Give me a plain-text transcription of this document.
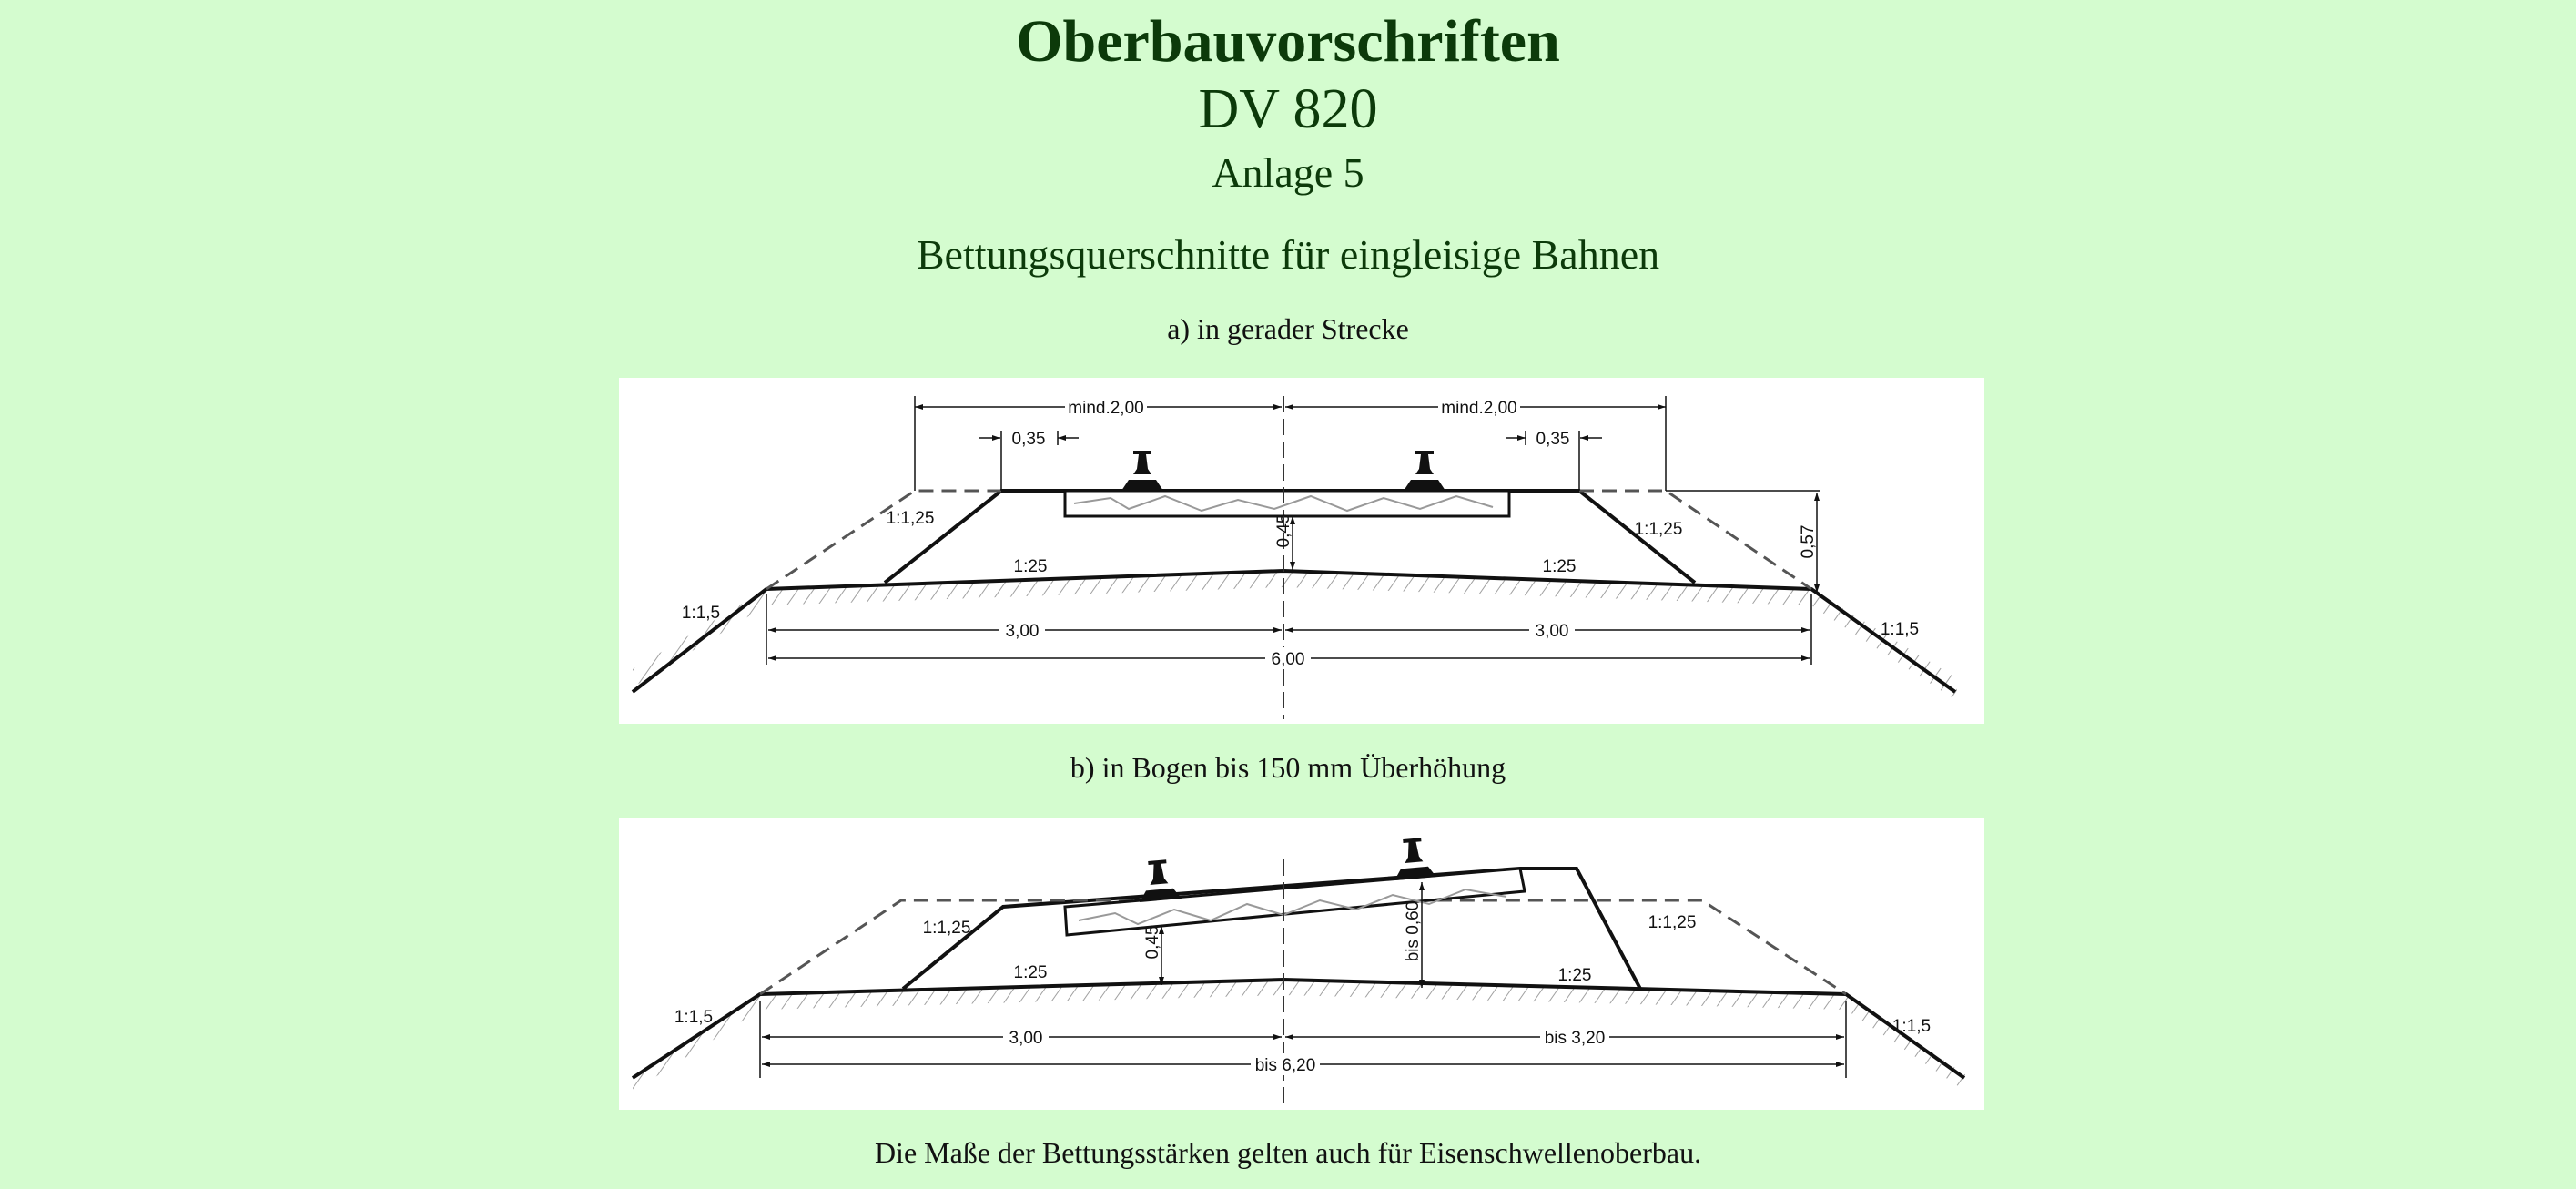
Oberbauvorschriften
DV 820
Anlage 5
Bettungsquerschnitte für eingleisige Bahnen

a) in gerader Strecke

mind.2,00	mind.2,00
0,35	0,35
1:1,25
1:1,25
1:1,5
1:1,5
1:25	1:25
0,45	0,57
3,00	3,00
6,00

b) in Bogen bis 150 mm Überhöhung

1:1,25	1:1,25
1:1,5	1:1,5
1:25	1:25
0,45	bis 0,60
3,00	bis 3,20
bis 6,20

Die Maße der Bettungsstärken gelten auch für Eisenschwellenoberbau.
